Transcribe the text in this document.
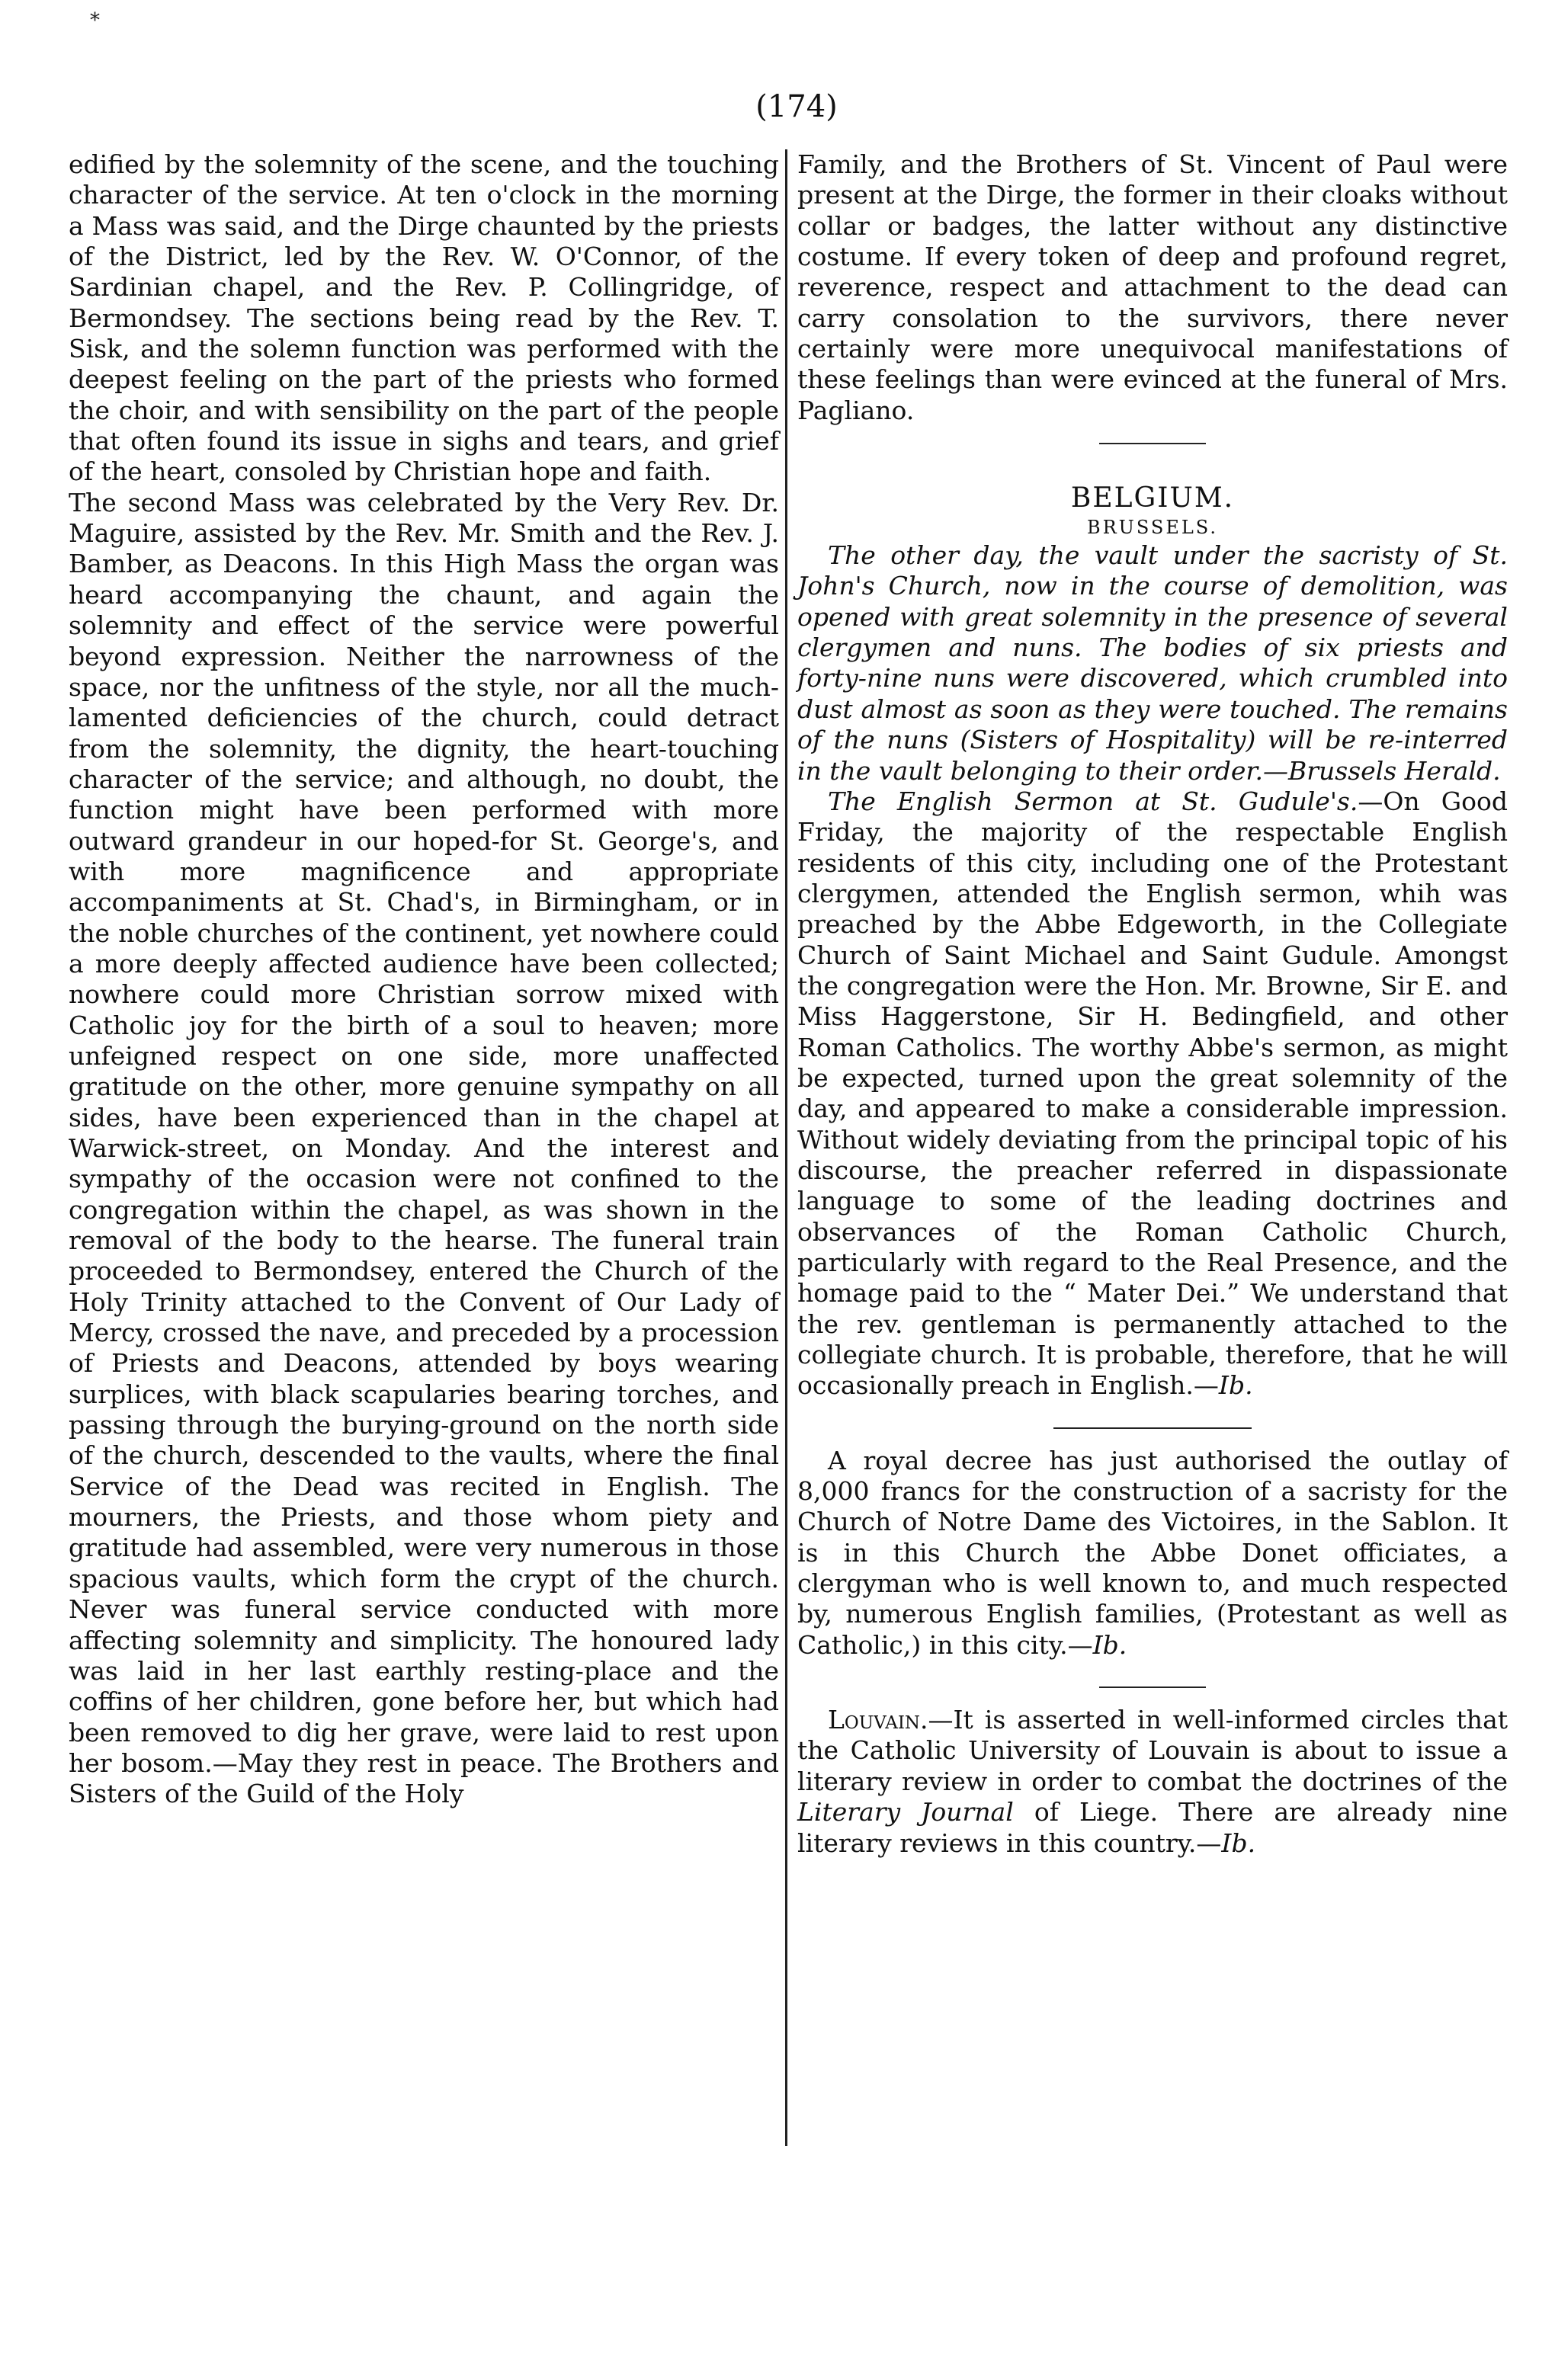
*
(174)

edified by the solemnity of the scene, and the touching character of the service. At ten o'clock in the morning a Mass was said, and the Dirge chaunted by the priests of the District, led by the Rev. W. O'Connor, of the Sardinian chapel, and the Rev. P. Collingridge, of Bermondsey. The sections being read by the Rev. T. Sisk, and the solemn function was performed with the deepest feeling on the part of the priests who formed the choir, and with sensibility on the part of the people that often found its issue in sighs and tears, and grief of the heart, consoled by Christian hope and faith.

The second Mass was celebrated by the Very Rev. Dr. Maguire, assisted by the Rev. Mr. Smith and the Rev. J. Bamber, as Deacons. In this High Mass the organ was heard accompanying the chaunt, and again the solemnity and effect of the service were powerful beyond expression. Neither the narrowness of the space, nor the unfitness of the style, nor all the much-lamented deficiencies of the church, could detract from the solemnity, the dignity, the heart-touching character of the service; and although, no doubt, the function might have been performed with more outward grandeur in our hoped-for St. George's, and with more magnificence and appropriate accompaniments at St. Chad's, in Birmingham, or in the noble churches of the continent, yet nowhere could a more deeply affected audience have been collected; nowhere could more Christian sorrow mixed with Catholic joy for the birth of a soul to heaven; more unfeigned respect on one side, more unaffected gratitude on the other, more genuine sympathy on all sides, have been experienced than in the chapel at Warwick-street, on Monday. And the interest and sympathy of the occasion were not confined to the congregation within the chapel, as was shown in the removal of the body to the hearse. The funeral train proceeded to Bermondsey, entered the Church of the Holy Trinity attached to the Convent of Our Lady of Mercy, crossed the nave, and preceded by a procession of Priests and Deacons, attended by boys wearing surplices, with black scapularies bearing torches, and passing through the burying-ground on the north side of the church, descended to the vaults, where the final Service of the Dead was recited in English. The mourners, the Priests, and those whom piety and gratitude had assembled, were very numerous in those spacious vaults, which form the crypt of the church. Never was funeral service conducted with more affecting solemnity and simplicity. The honoured lady was laid in her last earthly resting-place and the coffins of her children, gone before her, but which had been removed to dig her grave, were laid to rest upon her bosom.—May they rest in peace. The Brothers and Sisters of the Guild of the Holy

Family, and the Brothers of St. Vincent of Paul were present at the Dirge, the former in their cloaks without collar or badges, the latter without any distinctive costume. If every token of deep and profound regret, reverence, respect and attachment to the dead can carry consolation to the survivors, there never certainly were more unequivocal manifestations of these feelings than were evinced at the funeral of Mrs. Pagliano.

BELGIUM.

BRUSSELS.

The other day, the vault under the sacristy of St. John's Church, now in the course of demolition, was opened with great solemnity in the presence of several clergymen and nuns. The bodies of six priests and forty-nine nuns were discovered, which crumbled into dust almost as soon as they were touched. The remains of the nuns (Sisters of Hospitality) will be re-interred in the vault belonging to their order.—Brussels Herald.

The English Sermon at St. Gudule's.—On Good Friday, the majority of the respectable English residents of this city, including one of the Protestant clergymen, attended the English sermon, whih was preached by the Abbe Edgeworth, in the Collegiate Church of Saint Michael and Saint Gudule. Amongst the congregation were the Hon. Mr. Browne, Sir E. and Miss Haggerstone, Sir H. Bedingfield, and other Roman Catholics. The worthy Abbe's sermon, as might be expected, turned upon the great solemnity of the day, and appeared to make a considerable impression. Without widely deviating from the principal topic of his discourse, the preacher referred in dispassionate language to some of the leading doctrines and observances of the Roman Catholic Church, particularly with regard to the Real Presence, and the homage paid to the “ Mater Dei.” We understand that the rev. gentleman is permanently attached to the collegiate church. It is probable, therefore, that he will occasionally preach in English.—Ib.

A royal decree has just authorised the outlay of 8,000 francs for the construction of a sacristy for the Church of Notre Dame des Victoires, in the Sablon. It is in this Church the Abbe Donet officiates, a clergyman who is well known to, and much respected by, numerous English families, (Protestant as well as Catholic,) in this city.—Ib.

Louvain.—It is asserted in well-informed circles that the Catholic University of Louvain is about to issue a literary review in order to combat the doctrines of the Literary Journal of Liege. There are already nine literary reviews in this country.—Ib.
